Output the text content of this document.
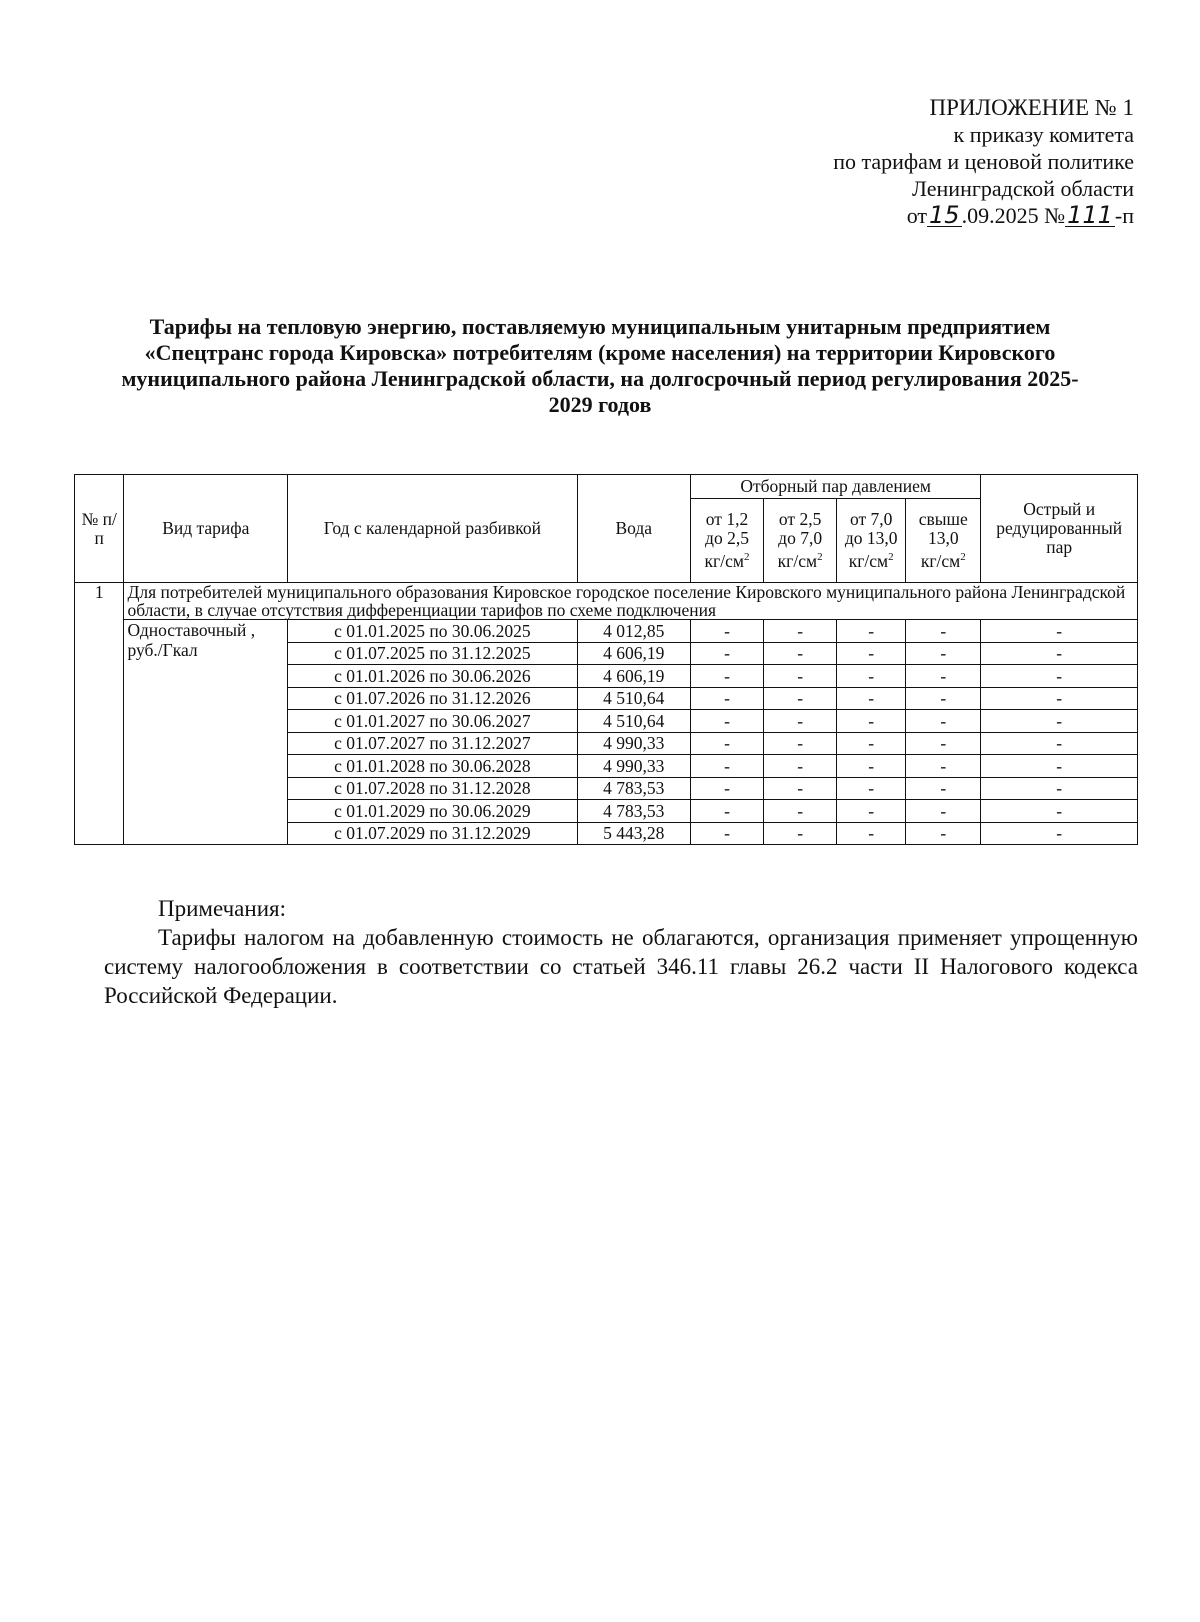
ПРИЛОЖЕНИЕ № 1
к приказу комитета
по тарифам и ценовой политике
Ленинградской области
от15.09.2025 №111-п
Тарифы на тепловую энергию, поставляемую муниципальным унитарным предприятием «Спецтранс города Кировска» потребителям (кроме населения) на территории Кировского муниципального района Ленинградской области, на долгосрочный период регулирования 2025-2029 годов
№ п/п	Вид тарифа	Год с календарной разбивкой	Вода	Отборный пар давлением				Острый и редуцированный пар
				от 1,2
до 2,5
$кг/см^2$	от 2,5
до 7,0
$кг/см^2$	от 7,0
до 13,0
$кг/см^2$	свыше
13,0
$кг/см^2$
1	Для потребителей муниципального образования Кировское городское поселение Кировского муниципального района Ленинградской области, в случае отсутствия дифференциации тарифов по схеме подключения							
	Одноставочный , руб./Гкал	с 01.01.2025 по 30.06.2025	4 012,85	-	-	-	-	-
		с 01.07.2025 по 31.12.2025	4 606,19	-	-	-	-	-
		с 01.01.2026 по 30.06.2026	4 606,19	-	-	-	-	-
		с 01.07.2026 по 31.12.2026	4 510,64	-	-	-	-	-
		с 01.01.2027 по 30.06.2027	4 510,64	-	-	-	-	-
		с 01.07.2027 по 31.12.2027	4 990,33	-	-	-	-	-
		с 01.01.2028 по 30.06.2028	4 990,33	-	-	-	-	-
		с 01.07.2028 по 31.12.2028	4 783,53	-	-	-	-	-
		с 01.01.2029 по 30.06.2029	4 783,53	-	-	-	-	-
		с 01.07.2029 по 31.12.2029	5 443,28	-	-	-	-	-
Примечания:
Тарифы налогом на добавленную стоимость не облагаются, организация применяет упрощенную систему налогообложения в соответствии со статьей 346.11 главы 26.2 части II Налогового кодекса Российской Федерации.
